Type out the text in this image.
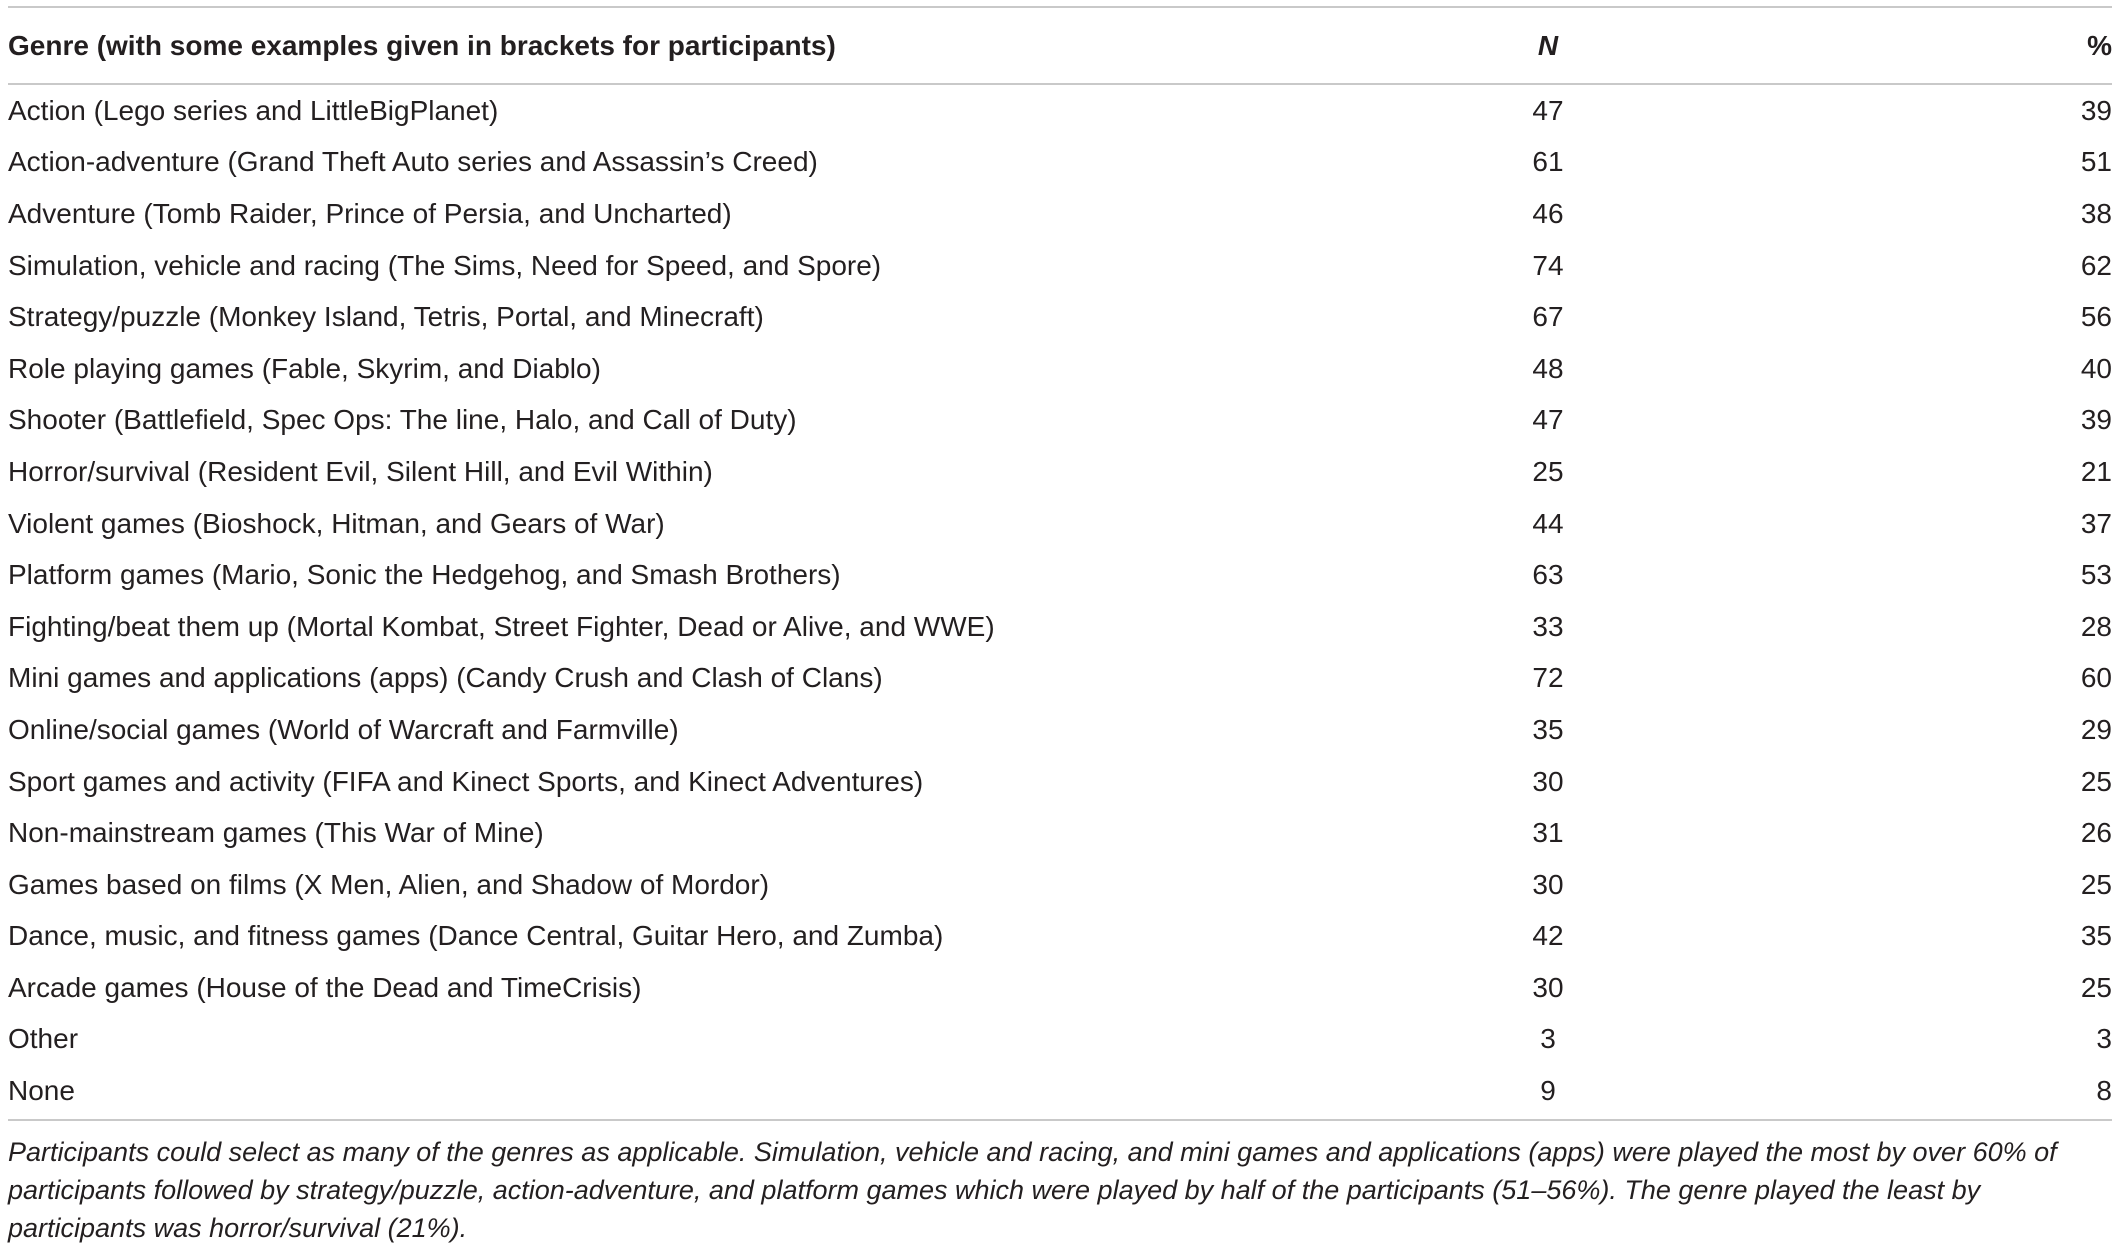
Genre (with some examples given in brackets for participants)	N	%
Action (Lego series and LittleBigPlanet)	47	39
Action-adventure (Grand Theft Auto series and Assassin’s Creed)	61	51
Adventure (Tomb Raider, Prince of Persia, and Uncharted)	46	38
Simulation, vehicle and racing (The Sims, Need for Speed, and Spore)	74	62
Strategy/puzzle (Monkey Island, Tetris, Portal, and Minecraft)	67	56
Role playing games (Fable, Skyrim, and Diablo)	48	40
Shooter (Battlefield, Spec Ops: The line, Halo, and Call of Duty)	47	39
Horror/survival (Resident Evil, Silent Hill, and Evil Within)	25	21
Violent games (Bioshock, Hitman, and Gears of War)	44	37
Platform games (Mario, Sonic the Hedgehog, and Smash Brothers)	63	53
Fighting/beat them up (Mortal Kombat, Street Fighter, Dead or Alive, and WWE)	33	28
Mini games and applications (apps) (Candy Crush and Clash of Clans)	72	60
Online/social games (World of Warcraft and Farmville)	35	29
Sport games and activity (FIFA and Kinect Sports, and Kinect Adventures)	30	25
Non-mainstream games (This War of Mine)	31	26
Games based on films (X Men, Alien, and Shadow of Mordor)	30	25
Dance, music, and fitness games (Dance Central, Guitar Hero, and Zumba)	42	35
Arcade games (House of the Dead and TimeCrisis)	30	25
Other	3	3
None	9	8
Participants could select as many of the genres as applicable. Simulation, vehicle and racing, and mini games and applications (apps) were played the most by over 60% of participants followed by strategy/puzzle, action-adventure, and platform games which were played by half of the participants (51–56%). The genre played the least by participants was horror/survival (21%).
